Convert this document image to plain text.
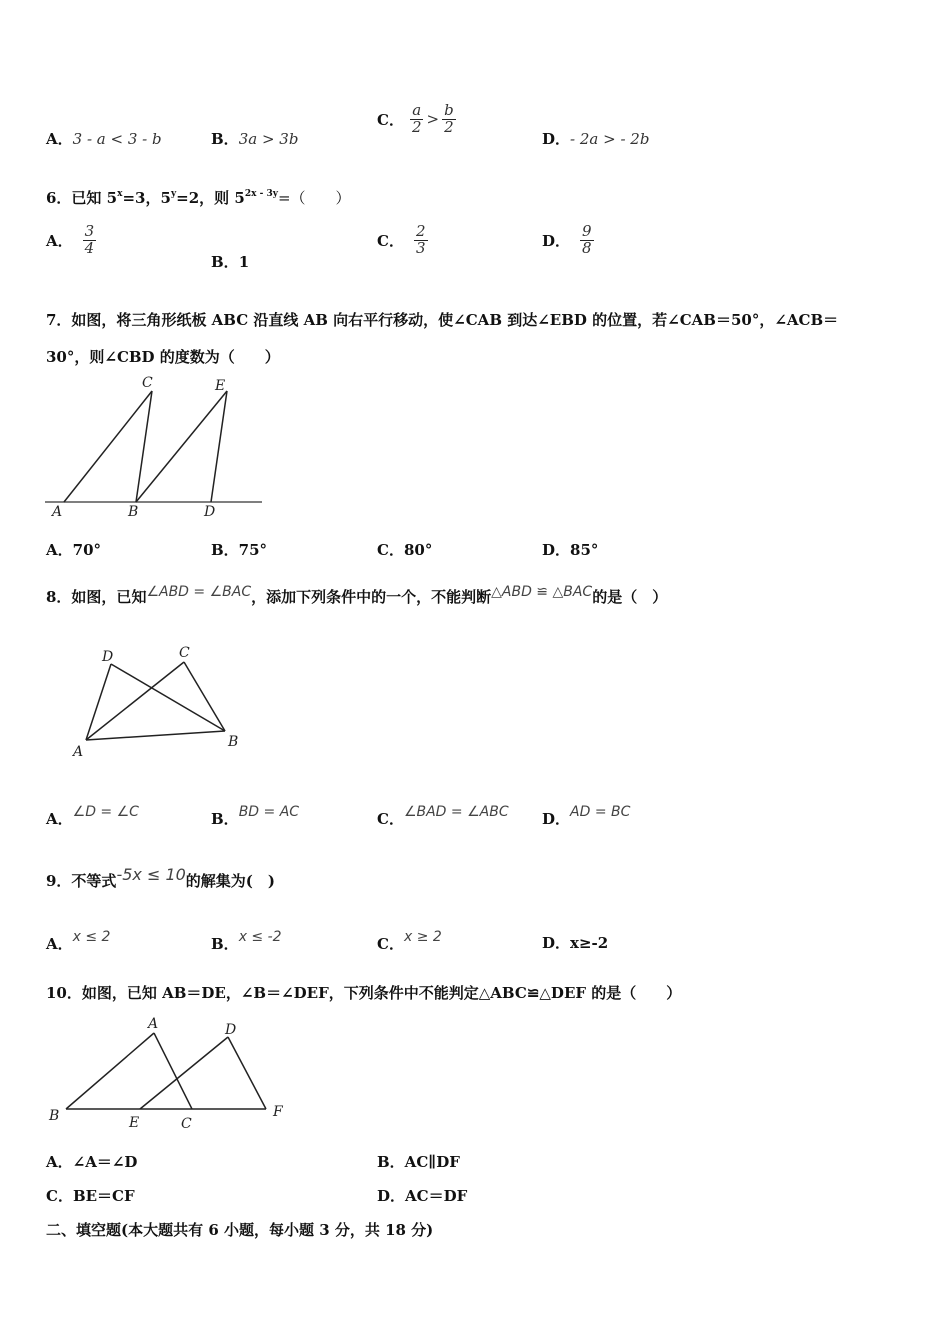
A．3 - a < 3 - b	B．3a > 3b
C． $\frac{a}{2} > \frac{b}{2}$
D．- 2a > - 2b
6．已知 $5^x=3$，$5^y=2$，则 $5^{2x - 3y}=$（　　）
A． $\frac{3}{4}$
B．1
C． $\frac{2}{3}$	D． $\frac{9}{8}$
7．如图，将三角形纸板 ABC 沿直线 AB 向右平行移动，使∠CAB 到达∠EBD 的位置，若∠CAB＝50°，∠ACB＝
30°，则∠CBD 的度数为（　　）
C	E
A	B	D
A．70°	B．75°	C．80°	D．85°
8．如图，已知∠ABD = ∠BAC，添加下列条件中的一个，不能判断△ABD ≌ △BAC的是（　）
D	C
A
B
A．∠D = ∠C	B．BD = AC	C．∠BAD = ∠ABC D．AD = BC
9．不等式-5x ≤ 10的解集为(　)
A．x ≤ 2	B．x ≤ -2	C．x ≥ 2	D．x≥-2
10．如图，已知 AB＝DE，∠B＝∠DEF，下列条件中不能判定△ABC≌△DEF 的是（　　）
A	D
B	E	C
F
A．∠A＝∠D	B．AC∥DF
C．BE＝CF	D．AC＝DF
二、填空题(本大题共有 6 小题，每小题 3 分，共 18 分)
